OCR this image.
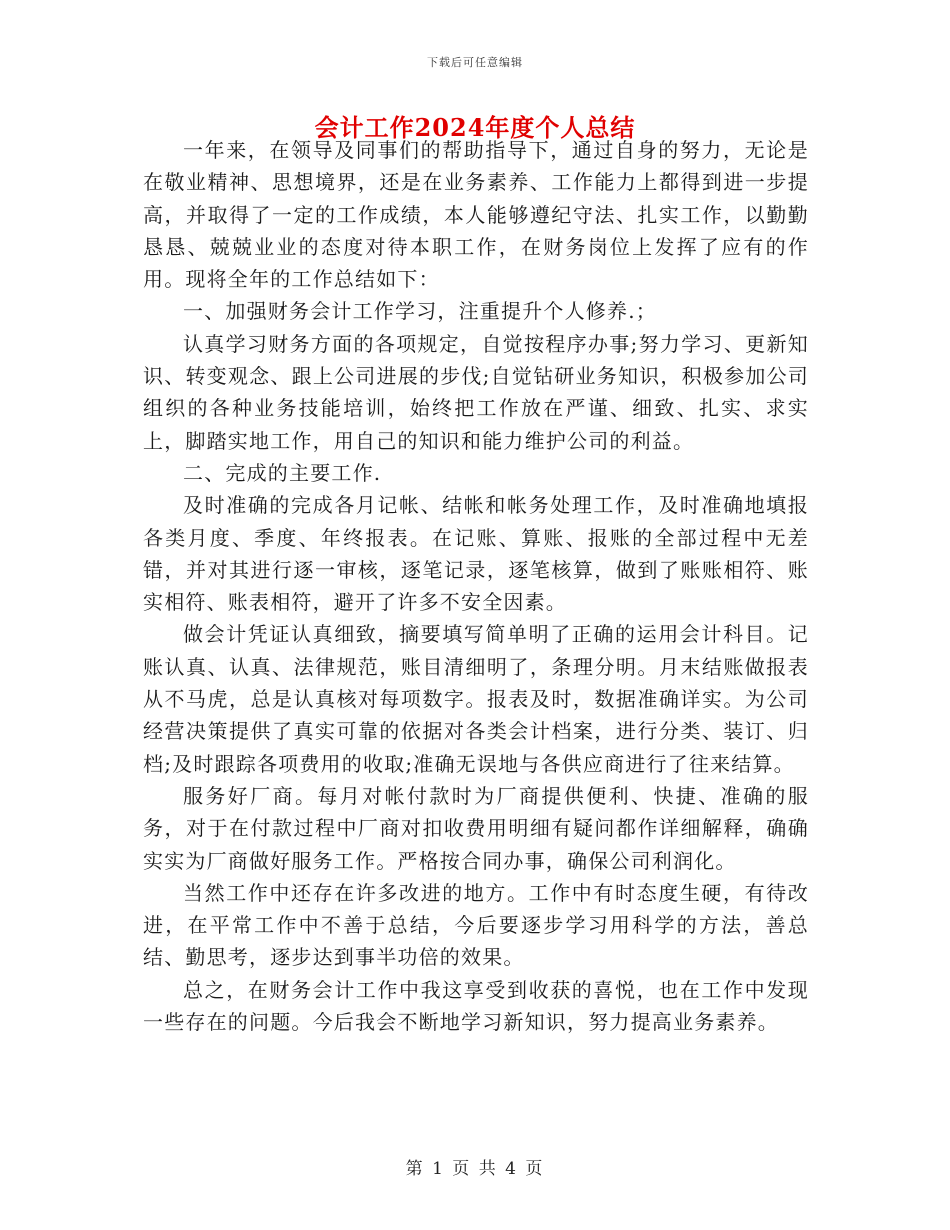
下载后可任意编辑
会计工作2024年度个人总结

一年来，在领导及同事们的帮助指导下，通过自身的努力，无论是在敬业精神、思想境界，还是在业务素养、工作能力上都得到进一步提高，并取得了一定的工作成绩，本人能够遵纪守法、扎实工作，以勤勤恳恳、兢兢业业的态度对待本职工作，在财务岗位上发挥了应有的作用。现将全年的工作总结如下：

一、加强财务会计工作学习，注重提升个人修养.；

认真学习财务方面的各项规定，自觉按程序办事;努力学习、更新知识、转变观念、跟上公司进展的步伐;自觉钻研业务知识，积极参加公司组织的各种业务技能培训，始终把工作放在严谨、细致、扎实、求实上，脚踏实地工作，用自己的知识和能力维护公司的利益。

二、完成的主要工作.

及时准确的完成各月记帐、结帐和帐务处理工作，及时准确地填报各类月度、季度、年终报表。在记账、算账、报账的全部过程中无差错，并对其进行逐一审核，逐笔记录，逐笔核算，做到了账账相符、账实相符、账表相符，避开了许多不安全因素。

做会计凭证认真细致，摘要填写简单明了正确的运用会计科目。记账认真、认真、法律规范，账目清细明了，条理分明。月末结账做报表从不马虎，总是认真核对每项数字。报表及时，数据准确详实。为公司经营决策提供了真实可靠的依据对各类会计档案，进行分类、装订、归档;及时跟踪各项费用的收取;准确无误地与各供应商进行了往来结算。

服务好厂商。每月对帐付款时为厂商提供便利、快捷、准确的服务，对于在付款过程中厂商对扣收费用明细有疑问都作详细解释，确确实实为厂商做好服务工作。严格按合同办事，确保公司利润化。

当然工作中还存在许多改进的地方。工作中有时态度生硬，有待改进，在平常工作中不善于总结，今后要逐步学习用科学的方法，善总结、勤思考，逐步达到事半功倍的效果。

总之，在财务会计工作中我这享受到收获的喜悦，也在工作中发现一些存在的问题。今后我会不断地学习新知识，努力提高业务素养。

第 1 页 共 4 页
